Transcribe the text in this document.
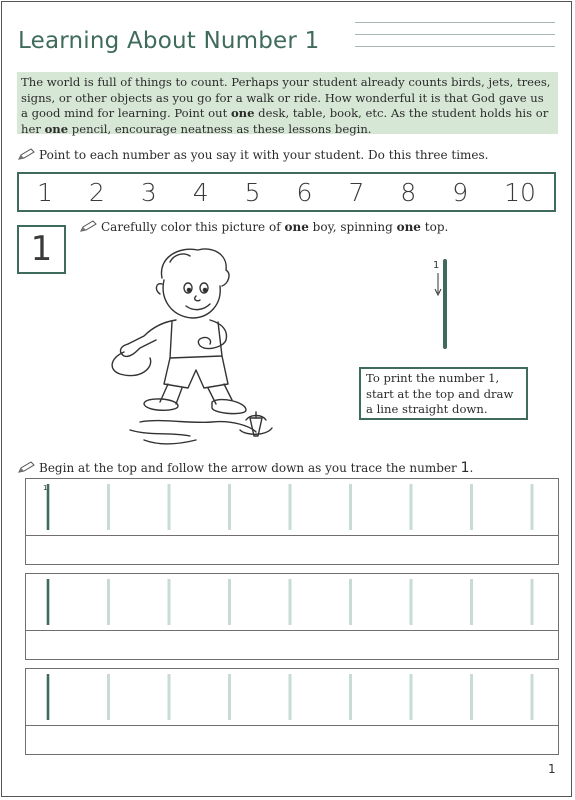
Learning About Number 1
The world is full of things to count. Perhaps your student already counts birds, jets, trees, signs, or other objects as you go for a walk or ride. How wonderful it is that God gave us a good mind for learning. Point out one desk, table, book, etc. As the student holds his or her one pencil, encourage neatness as these lessons begin.
Point to each number as you say it with your student. Do this three times.
1 2 3 4 5 6 7 8 9 10
1
Carefully color this picture of one boy, spinning one top.
1
To print the number 1, start at the top and draw a line straight down.
Begin at the top and follow the arrow down as you trace the number 1.
1
1
